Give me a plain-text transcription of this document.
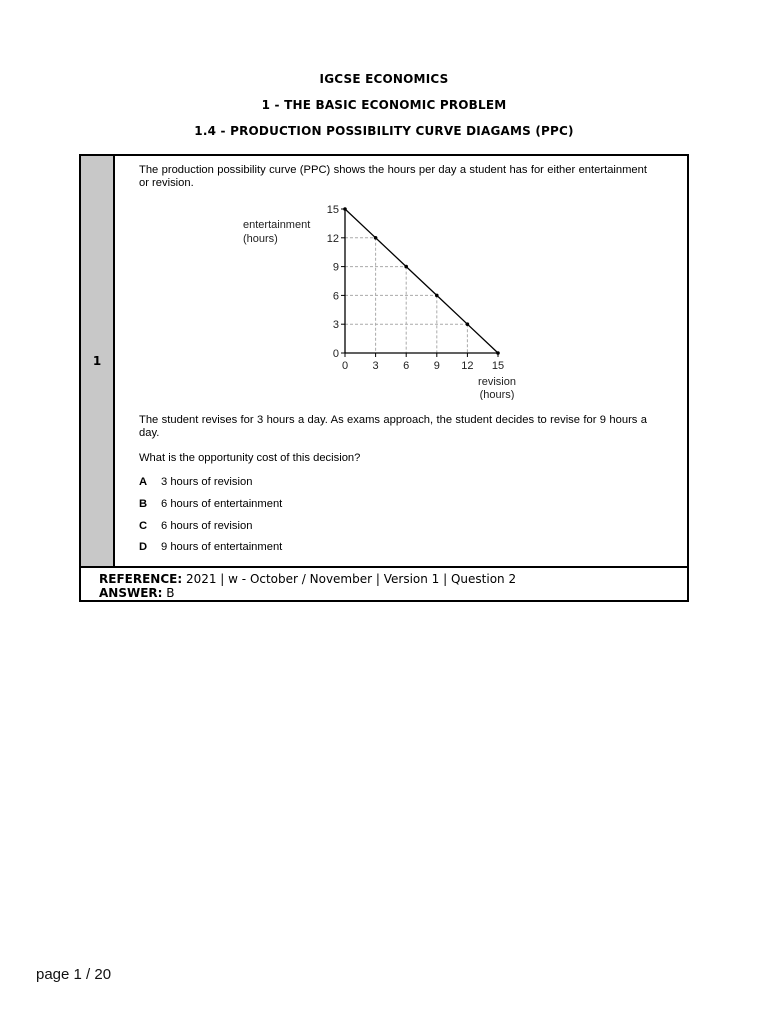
IGCSE ECONOMICS
1 - THE BASIC ECONOMIC PROBLEM
1.4 - PRODUCTION POSSIBILITY CURVE DIAGAMS (PPC)
1
The production possibility curve (PPC) shows the hours per day a student has for either entertainment or revision.
entertainment
(hours)
revision
(hours)
0
3
6
9
12
15
0 3 6 9 12 15
The student revises for 3 hours a day. As exams approach, the student decides to revise for 9 hours a day.
What is the opportunity cost of this decision?
A 3 hours of revision
B 6 hours of entertainment
C 6 hours of revision
D 9 hours of entertainment
REFERENCE: 2021 | w - October / November | Version 1 | Question 2
ANSWER: B
page 1 / 20
